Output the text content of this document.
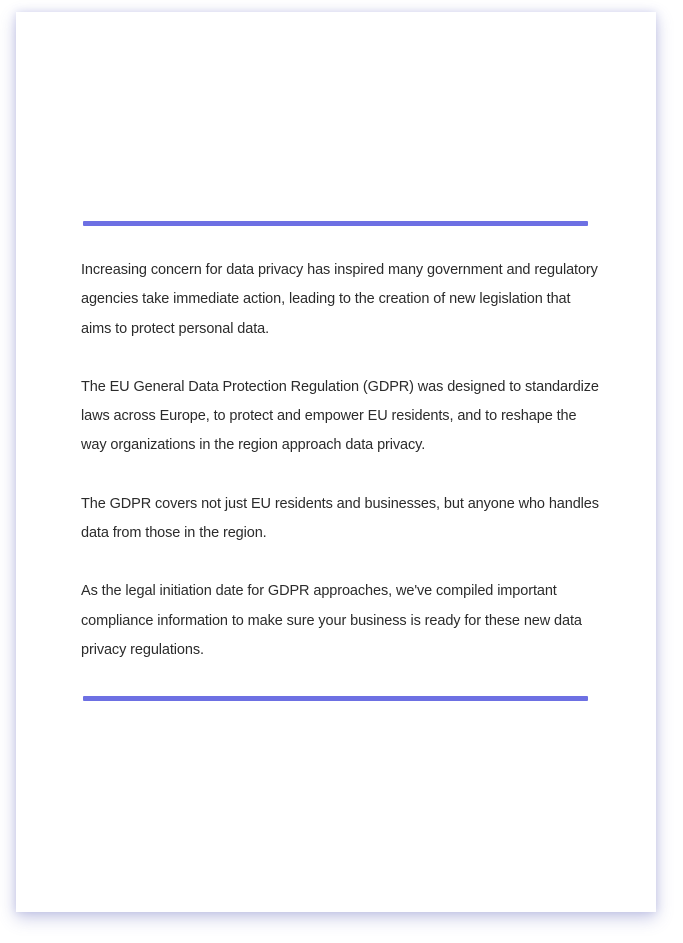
Increasing concern for data privacy has inspired many government and regulatory agencies take immediate action, leading to the creation of new legislation that aims to protect personal data.

The EU General Data Protection Regulation (GDPR) was designed to standardize laws across Europe, to protect and empower EU residents, and to reshape the way organizations in the region approach data privacy.

The GDPR covers not just EU residents and businesses, but anyone who handles data from those in the region.

As the legal initiation date for GDPR approaches, we've compiled important compliance information to make sure your business is ready for these new data privacy regulations.
